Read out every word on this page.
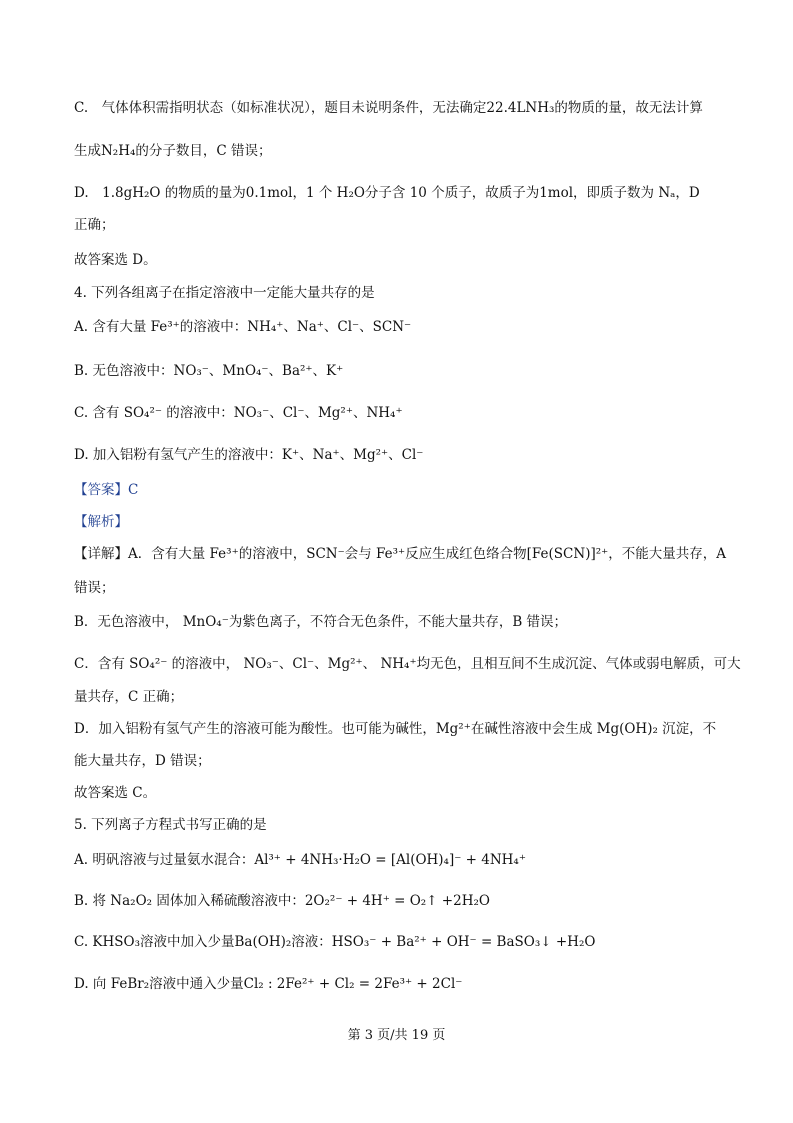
C.　气体体积需指明状态（如标准状况），题目未说明条件，无法确定22.4LNH₃的物质的量，故无法计算
生成N₂H₄的分子数目，C 错误；
D.　1.8gH₂O 的物质的量为0.1mol，1 个 H₂O分子含 10 个质子，故质子为1mol，即质子数为 Nₐ，D
正确；
故答案选 D。
4. 下列各组离子在指定溶液中一定能大量共存的是
A. 含有大量 Fe³⁺的溶液中：NH₄⁺、Na⁺、Cl⁻、SCN⁻
B. 无色溶液中：NO₃⁻、MnO₄⁻、Ba²⁺、K⁺
C. 含有 SO₄²⁻ 的溶液中：NO₃⁻、Cl⁻、Mg²⁺、NH₄⁺
D. 加入铝粉有氢气产生的溶液中：K⁺、Na⁺、Mg²⁺、Cl⁻
【答案】C
【解析】
【详解】A．含有大量 Fe³⁺的溶液中，SCN⁻会与 Fe³⁺反应生成红色络合物[Fe(SCN)]²⁺，不能大量共存，A
错误；
B．无色溶液中， MnO₄⁻为紫色离子，不符合无色条件，不能大量共存，B 错误；
C．含有 SO₄²⁻ 的溶液中， NO₃⁻、Cl⁻、Mg²⁺、 NH₄⁺均无色，且相互间不生成沉淀、气体或弱电解质，可大
量共存，C 正确；
D．加入铝粉有氢气产生的溶液可能为酸性。也可能为碱性，Mg²⁺在碱性溶液中会生成 Mg(OH)₂ 沉淀，不
能大量共存，D 错误；
故答案选 C。
5. 下列离子方程式书写正确的是
A. 明矾溶液与过量氨水混合：Al³⁺ + 4NH₃·H₂O = [Al(OH)₄]⁻ + 4NH₄⁺
B. 将 Na₂O₂ 固体加入稀硫酸溶液中：2O₂²⁻ + 4H⁺ = O₂↑ +2H₂O
C. KHSO₃溶液中加入少量Ba(OH)₂溶液：HSO₃⁻ + Ba²⁺ + OH⁻ = BaSO₃↓ +H₂O
D. 向 FeBr₂溶液中通入少量Cl₂ : 2Fe²⁺ + Cl₂ = 2Fe³⁺ + 2Cl⁻
第 3 页/共 19 页
